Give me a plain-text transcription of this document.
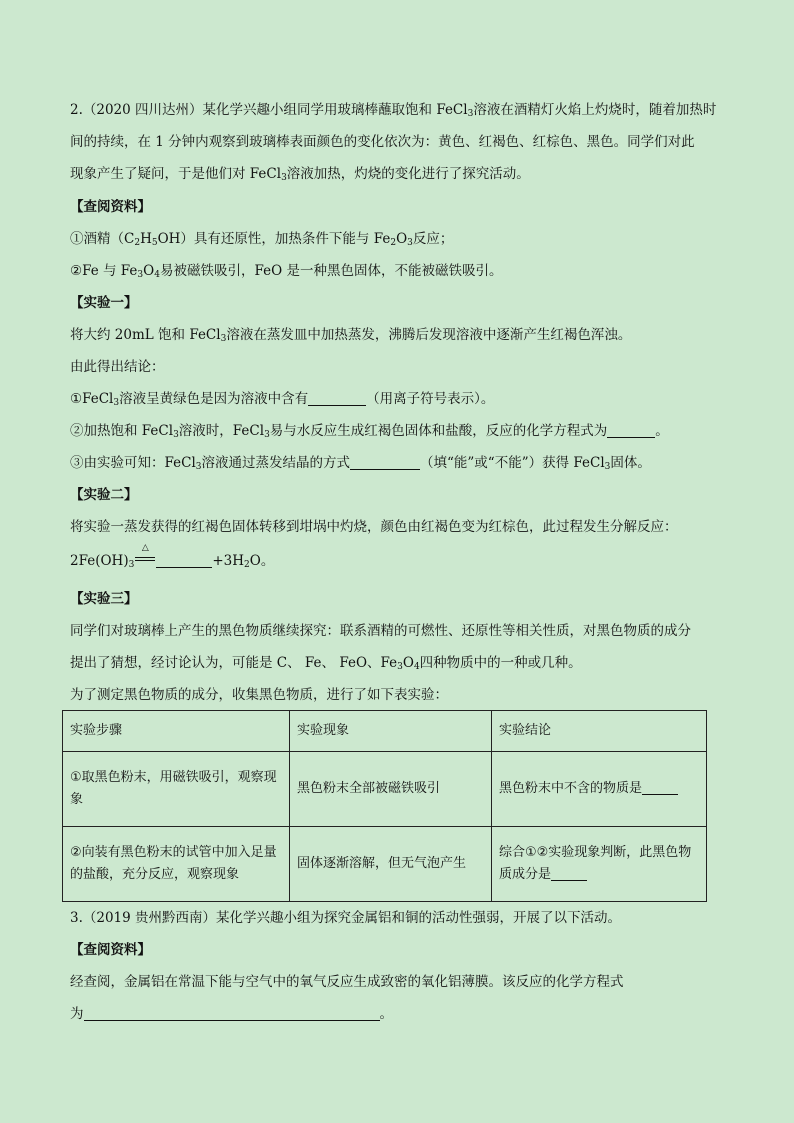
2.（2020 四川达州）某化学兴趣小组同学用玻璃棒蘸取饱和 FeCl$_3$溶液在酒精灯火焰上灼烧时，随着加热时
间的持续，在 1 分钟内观察到玻璃棒表面颜色的变化依次为：黄色、红褐色、红棕色、黑色。同学们对此
现象产生了疑问，于是他们对 FeCl$_3$溶液加热，灼烧的变化进行了探究活动。
【查阅资料】
①酒精$(C_2H_5OH)$具有还原性，加热条件下能与 $Fe_2O_3$反应；
②Fe 与 $Fe_3O_4$易被磁铁吸引，FeO 是一种黑色固体，不能被磁铁吸引。
【实验一】
将大约 20mL 饱和 FeCl$_3$溶液在蒸发皿中加热蒸发，沸腾后发现溶液中逐渐产生红褐色浑浊。
由此得出结论：
①FeCl$_3$溶液呈黄绿色是因为溶液中含有	（用离子符号表示）。
②加热饱和 FeCl$_3$溶液时，FeCl$_3$易与水反应生成红褐色固体和盐酸，反应的化学方程式为	。
③由实验可知：FeCl$_3$溶液通过蒸发结晶的方式	（填“能”或“不能”）获得 FeCl$_3$固体。
【实验二】
将实验一蒸发获得的红褐色固体转移到坩埚中灼烧，颜色由红褐色变为红棕色，此过程发生分解反应：
$2Fe(OH)_3$
△
$+3H_2O$。
【实验三】
同学们对玻璃棒上产生的黑色物质继续探究：联系酒精的可燃性、还原性等相关性质，对黑色物质的成分
提出了猜想，经讨论认为，可能是 C、 Fe、 FeO、$Fe_3O_4$四种物质中的一种或几种。
为了测定黑色物质的成分，收集黑色物质，进行了如下表实验：
实验步骤	实验现象	实验结论
①取黑色粉末，用磁铁吸引，观察现象	黑色粉末全部被磁铁吸引	黑色粉末中不含的物质是
②向装有黑色粉末的试管中加入足量的盐酸，充分反应，观察现象	固体逐渐溶解，但无气泡产生	综合①②实验现象判断，此黑色物质成分是
3.（2019 贵州黔西南）某化学兴趣小组为探究金属铝和铜的活动性强弱，开展了以下活动。
【查阅资料】
经查阅，金属铝在常温下能与空气中的氧气反应生成致密的氧化铝薄膜。该反应的化学方程式
为	。
